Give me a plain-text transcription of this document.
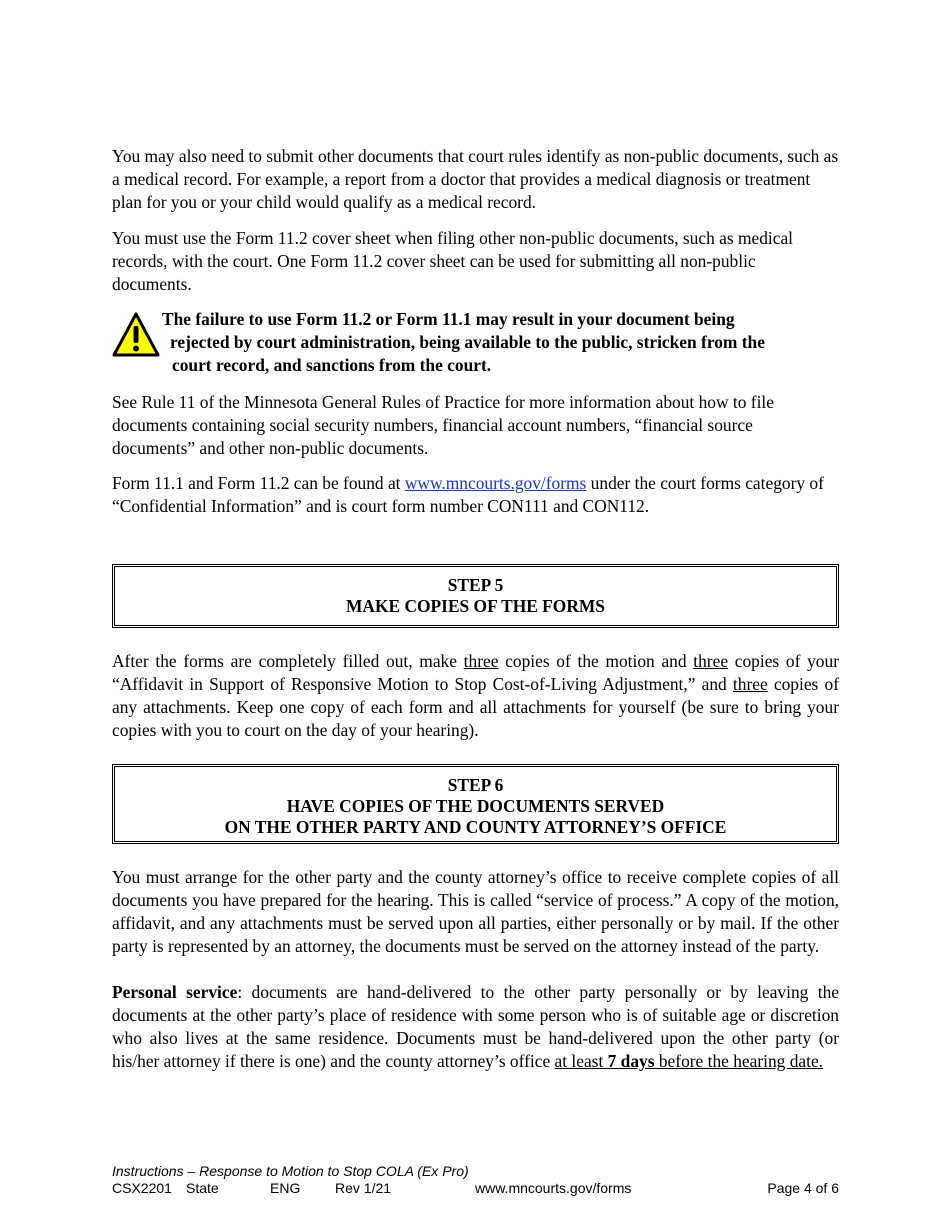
You may also need to submit other documents that court rules identify as non-public documents, such as a medical record. For example, a report from a doctor that provides a medical diagnosis or treatment plan for you or your child would qualify as a medical record.

You must use the Form 11.2 cover sheet when filing other non-public documents, such as medical records, with the court. One Form 11.2 cover sheet can be used for submitting all non-public documents.

The failure to use Form 11.2 or Form 11.1 may result in your document being
rejected by court administration, being available to the public, stricken from the
court record, and sanctions from the court.

See Rule 11 of the Minnesota General Rules of Practice for more information about how to file documents containing social security numbers, financial account numbers, “financial source documents” and other non-public documents.

Form 11.1 and Form 11.2 can be found at www.mncourts.gov/forms under the court forms category of “Confidential Information” and is court form number CON111 and CON112.

STEP 5
MAKE COPIES OF THE FORMS

After the forms are completely filled out, make three copies of the motion and three copies of your “Affidavit in Support of Responsive Motion to Stop Cost-of-Living Adjustment,” and three copies of any attachments. Keep one copy of each form and all attachments for yourself (be sure to bring your copies with you to court on the day of your hearing).

STEP 6
HAVE COPIES OF THE DOCUMENTS SERVED
ON THE OTHER PARTY AND COUNTY ATTORNEY’S OFFICE

You must arrange for the other party and the county attorney’s office to receive complete copies of all documents you have prepared for the hearing. This is called “service of process.” A copy of the motion, affidavit, and any attachments must be served upon all parties, either personally or by mail. If the other party is represented by an attorney, the documents must be served on the attorney instead of the party.

Personal service: documents are hand-delivered to the other party personally or by leaving the documents at the other party’s place of residence with some person who is of suitable age or discretion who also lives at the same residence. Documents must be hand-delivered upon the other party (or his/her attorney if there is one) and the county attorney’s office at least 7 days before the hearing date.

Instructions – Response to Motion to Stop COLA (Ex Pro)
CSX2201 State	ENG Rev 1/21	www.mncourts.gov/forms	Page 4 of 6
